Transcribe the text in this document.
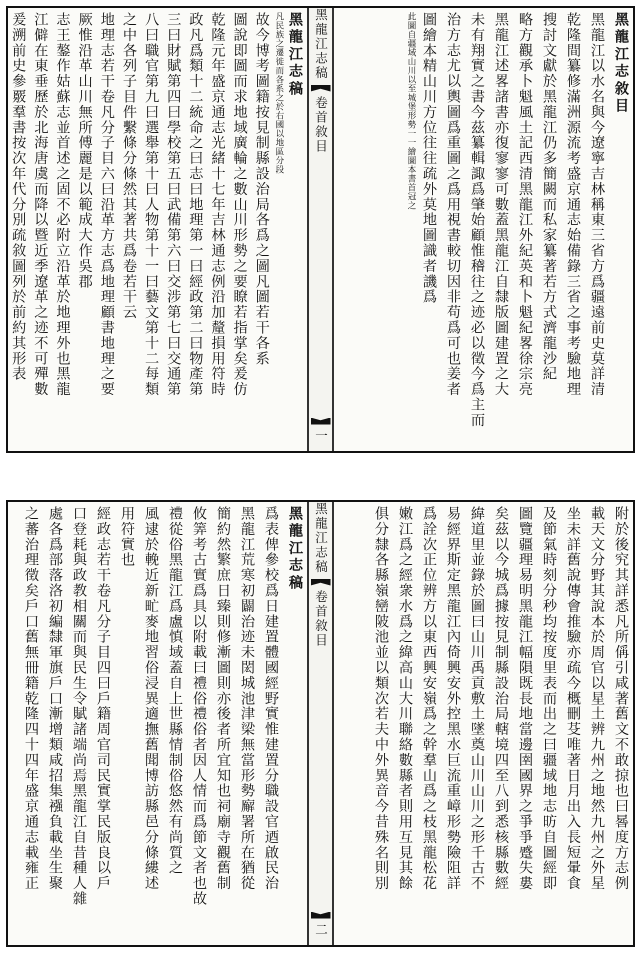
黑龍江志敘目
黑龍江以水名與今遼寧吉林稱東三省方爲疆遠前史莫詳清
乾隆間纂修滿洲源流考盛京通志始備錄三省之事考驗地理
搜討文獻於黑龍江仍多簡闕而私家纂著若方式濟龍沙紀
略方觀承卜魁風土記西清黑龍江外紀英和卜魁紀畧徐宗亮
黑龍江述畧諸書亦復寥寥可數蓋黑龍江自隸版圖建置之大
未有翔實之書今茲纂輯諏爲肇始顧惟稽往之迹必以徵今爲主而
治方志尤以輿圖爲重圖之爲用視書較切因非苟爲可也姜者
圖繪本精山川方位往往疏外莫地圖識者譏爲
此圖自疆域山川以至城堡形勢一一繪圖本書首冠之
黑龍江志稿
卷首
敘目
一
黑龍江志稿
凡民族之遷徙而各系之於右國以地區分段
故今博考圖籍按見制縣設治局各爲之圖凡圖若干各系
圖說即圖而求地域廣輪之數山川形勢之要瞭若指掌矣爰仿
乾隆元年盛京通志光緒十七年吉林通志例沿加釐損用符時
政凡爲類十二統命之曰志曰地理第一曰經政第二曰物產第
三曰財賦第四曰學校第五曰武備第六曰交涉第七曰交通第
八曰職官第九曰選舉第十曰人物第十一曰藝文第十二每類
之中各列子目件繫條分條然其著共爲卷若干云
地理志若干卷凡分子目六曰沿革方志爲地理顧書地理之要
厥惟沿革山川無所傅麗是以範成大作吳郡
志王鏊作姑蘇志並首述之固不必附立沿革於地理外也黑龍
江僻在東垂歷於北海唐虞而降以暨近季遼革之迹不可殫數
爰溯前史參覈羣書按次年代分別疏敘圖列於前約其形表
附於後究其詳悉凡所偁引咸著舊文不敢掠也曰晷度方志例
載天文分野其說本於周官以星土辨九州之地然九州之外星
坐未詳舊說傳會推驗亦疏今概刪芟唯著日月出入長短暈食
及節氣時刻分秒均按度里表而出之曰疆域地志昉自圖經即
圖覽疆理易明黑龍江幅隕既長地當邊圉國界之爭爭蹙失婁
矣茲以今城爲據按見制縣設治局轄境四至八到悉核縣數經
緯道里並錄於圖曰山川禹貢敷土墜奠山川山川之形千古不
易經界斯定黑龍江內倚興安外控黑水巨流重嶂形勢險阻詳
爲詮次正位辨方以東西興安嶺爲之幹羣山爲之枝黑龍松花
嫩江爲之經衆水爲之緯高山大川聯絡數縣者則用互見其餘
俱分隸各縣嶺巒陂池並以類次若夫中外異音今昔殊名則別
黑龍江志稿
卷首
敘目
二
黑龍江志稿
爲表俾參校爲日建置體國經野實惟建置分職設官迺啟民治
黑龍江荒寒初闢治迹未閎城池津梁無當形勢廨署所在猶從
簡約然繁庶日臻則修漸圖則亦後者所宜知也祠廟寺觀舊制
攸筭考古實爲具以附載曰禮俗禮俗者因人情而爲節文者也故
禮從俗黑龍江爲盧慎域蓋自上世縣情制俗悠然有尚質之
風逮於輓近新甿麥地習俗浸異適撫舊聞博訪縣邑分條縷述
用符實也
經政志若干卷凡分子目四曰戶籍周官司民實掌民版良以戶
口登耗與政教相關而與民生令賦諸端尚焉黑龍江自昔種人雜
處各爲部落洛初編隸軍旗戶口漸增類咸招集襁負載坐生聚
之蕃治理徵矣戶口舊無冊籍乾隆四十四年盛京通志載雍正
